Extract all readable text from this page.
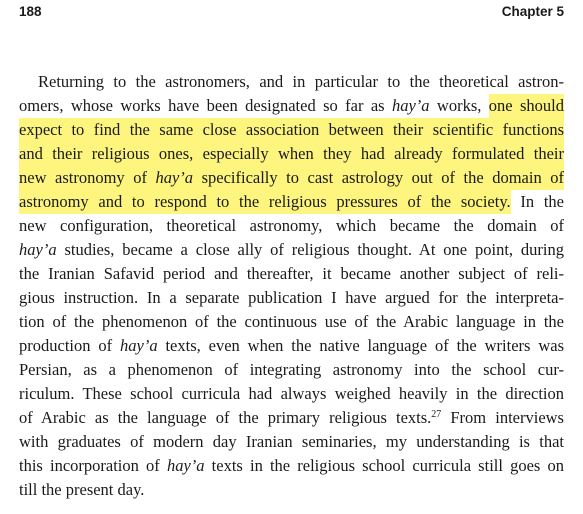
188	Chapter 5
Returning to the astronomers, and in particular to the theoretical astron-
omers, whose works have been designated so far as hay’a works, one should
expect to find the same close association between their scientific functions
and their religious ones, especially when they had already formulated their
new astronomy of hay’a specifically to cast astrology out of the domain of
astronomy and to respond to the religious pressures of the society. In the
new configuration, theoretical astronomy, which became the domain of
hay’a studies, became a close ally of religious thought. At one point, during
the Iranian Safavid period and thereafter, it became another subject of reli-
gious instruction. In a separate publication I have argued for the interpreta-
tion of the phenomenon of the continuous use of the Arabic language in the
production of hay’a texts, even when the native language of the writers was
Persian, as a phenomenon of integrating astronomy into the school cur-
riculum. These school curricula had always weighed heavily in the direction
of Arabic as the language of the primary religious texts.$^{27}$ From interviews
with graduates of modern day Iranian seminaries, my understanding is that
this incorporation of hay’a texts in the religious school curricula still goes on
till the present day.
